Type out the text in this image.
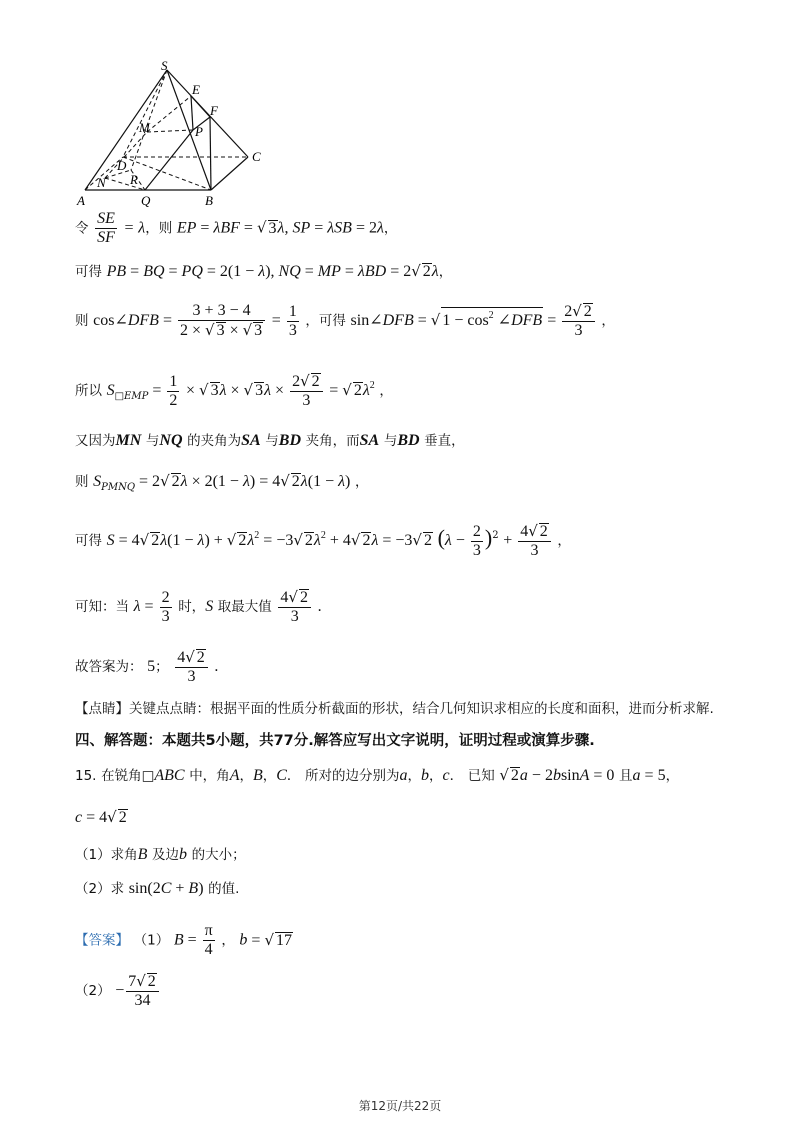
S
E
F
M	P
C
D
R
N
A	Q	B
令 $\frac{SE}{SF} = \lambda$，则 EP = λBF = √ 3λ, SP = λSB = 2λ，
可得 PB = BQ = PQ = 2(1 − λ), NQ = MP = λBD = 2√ 2λ，
则 cos∠DFB = $\frac{3 + 3 - 4}{2 \times √ 3 \times √ 3} = \frac{1}{3}$ ，可得 sin∠DFB = √ $1 - \cos^2$ ∠DFB = $\frac{2√ 2}{3}$ ，
所以 $S_{□EMP} = \frac{1}{2}$ × √ 3λ × √ $3\lambda \times \frac{2√ 2}{3}$ = √ $2\lambda^2$ ，
又因为MN 与NQ 的夹角为SA 与BD 夹角，而SA 与BD 垂直，
则 $S_{PMNQ} = 2√$ 2λ × 2(1 − λ) = 4√ 2λ(1 − λ) ，
可得 S = 4√ 2λ(1 − λ) + √ $2\lambda^2 = -3√$ $2\lambda^2 + 4√$ 2λ = −3√ 2 $(\lambda - \frac{2}{3} )^2 + \frac{4√ 2}{3}$ ，
可知：当 $\lambda = \frac{2}{3}$ 时，S 取最大值 $\frac{4√ 2}{3}$ .
故答案为： 5； $\frac{4√ 2}{3}$ .
【点睛】关键点点睛：根据平面的性质分析截面的形状，结合几何知识求相应的长度和面积，进而分析求解.
四、解答题：本题共5小题，共77分.解答应写出文字说明，证明过程或演算步骤.
15. 在锐角□ABC 中，角A，B，C． 所对的边分别为a，b，c． 已知 √ 2a − 2bsinA = 0 且a = 5，
c = 4√ 2
（1）求角B 及边b 的大小；
（2）求 sin(2C + B) 的值.
【答案】 （1） $B = \frac{\pi}{4}$ ， b = √ 17
$(2) - \frac{7√ 2}{34}$
第12页/共22页
